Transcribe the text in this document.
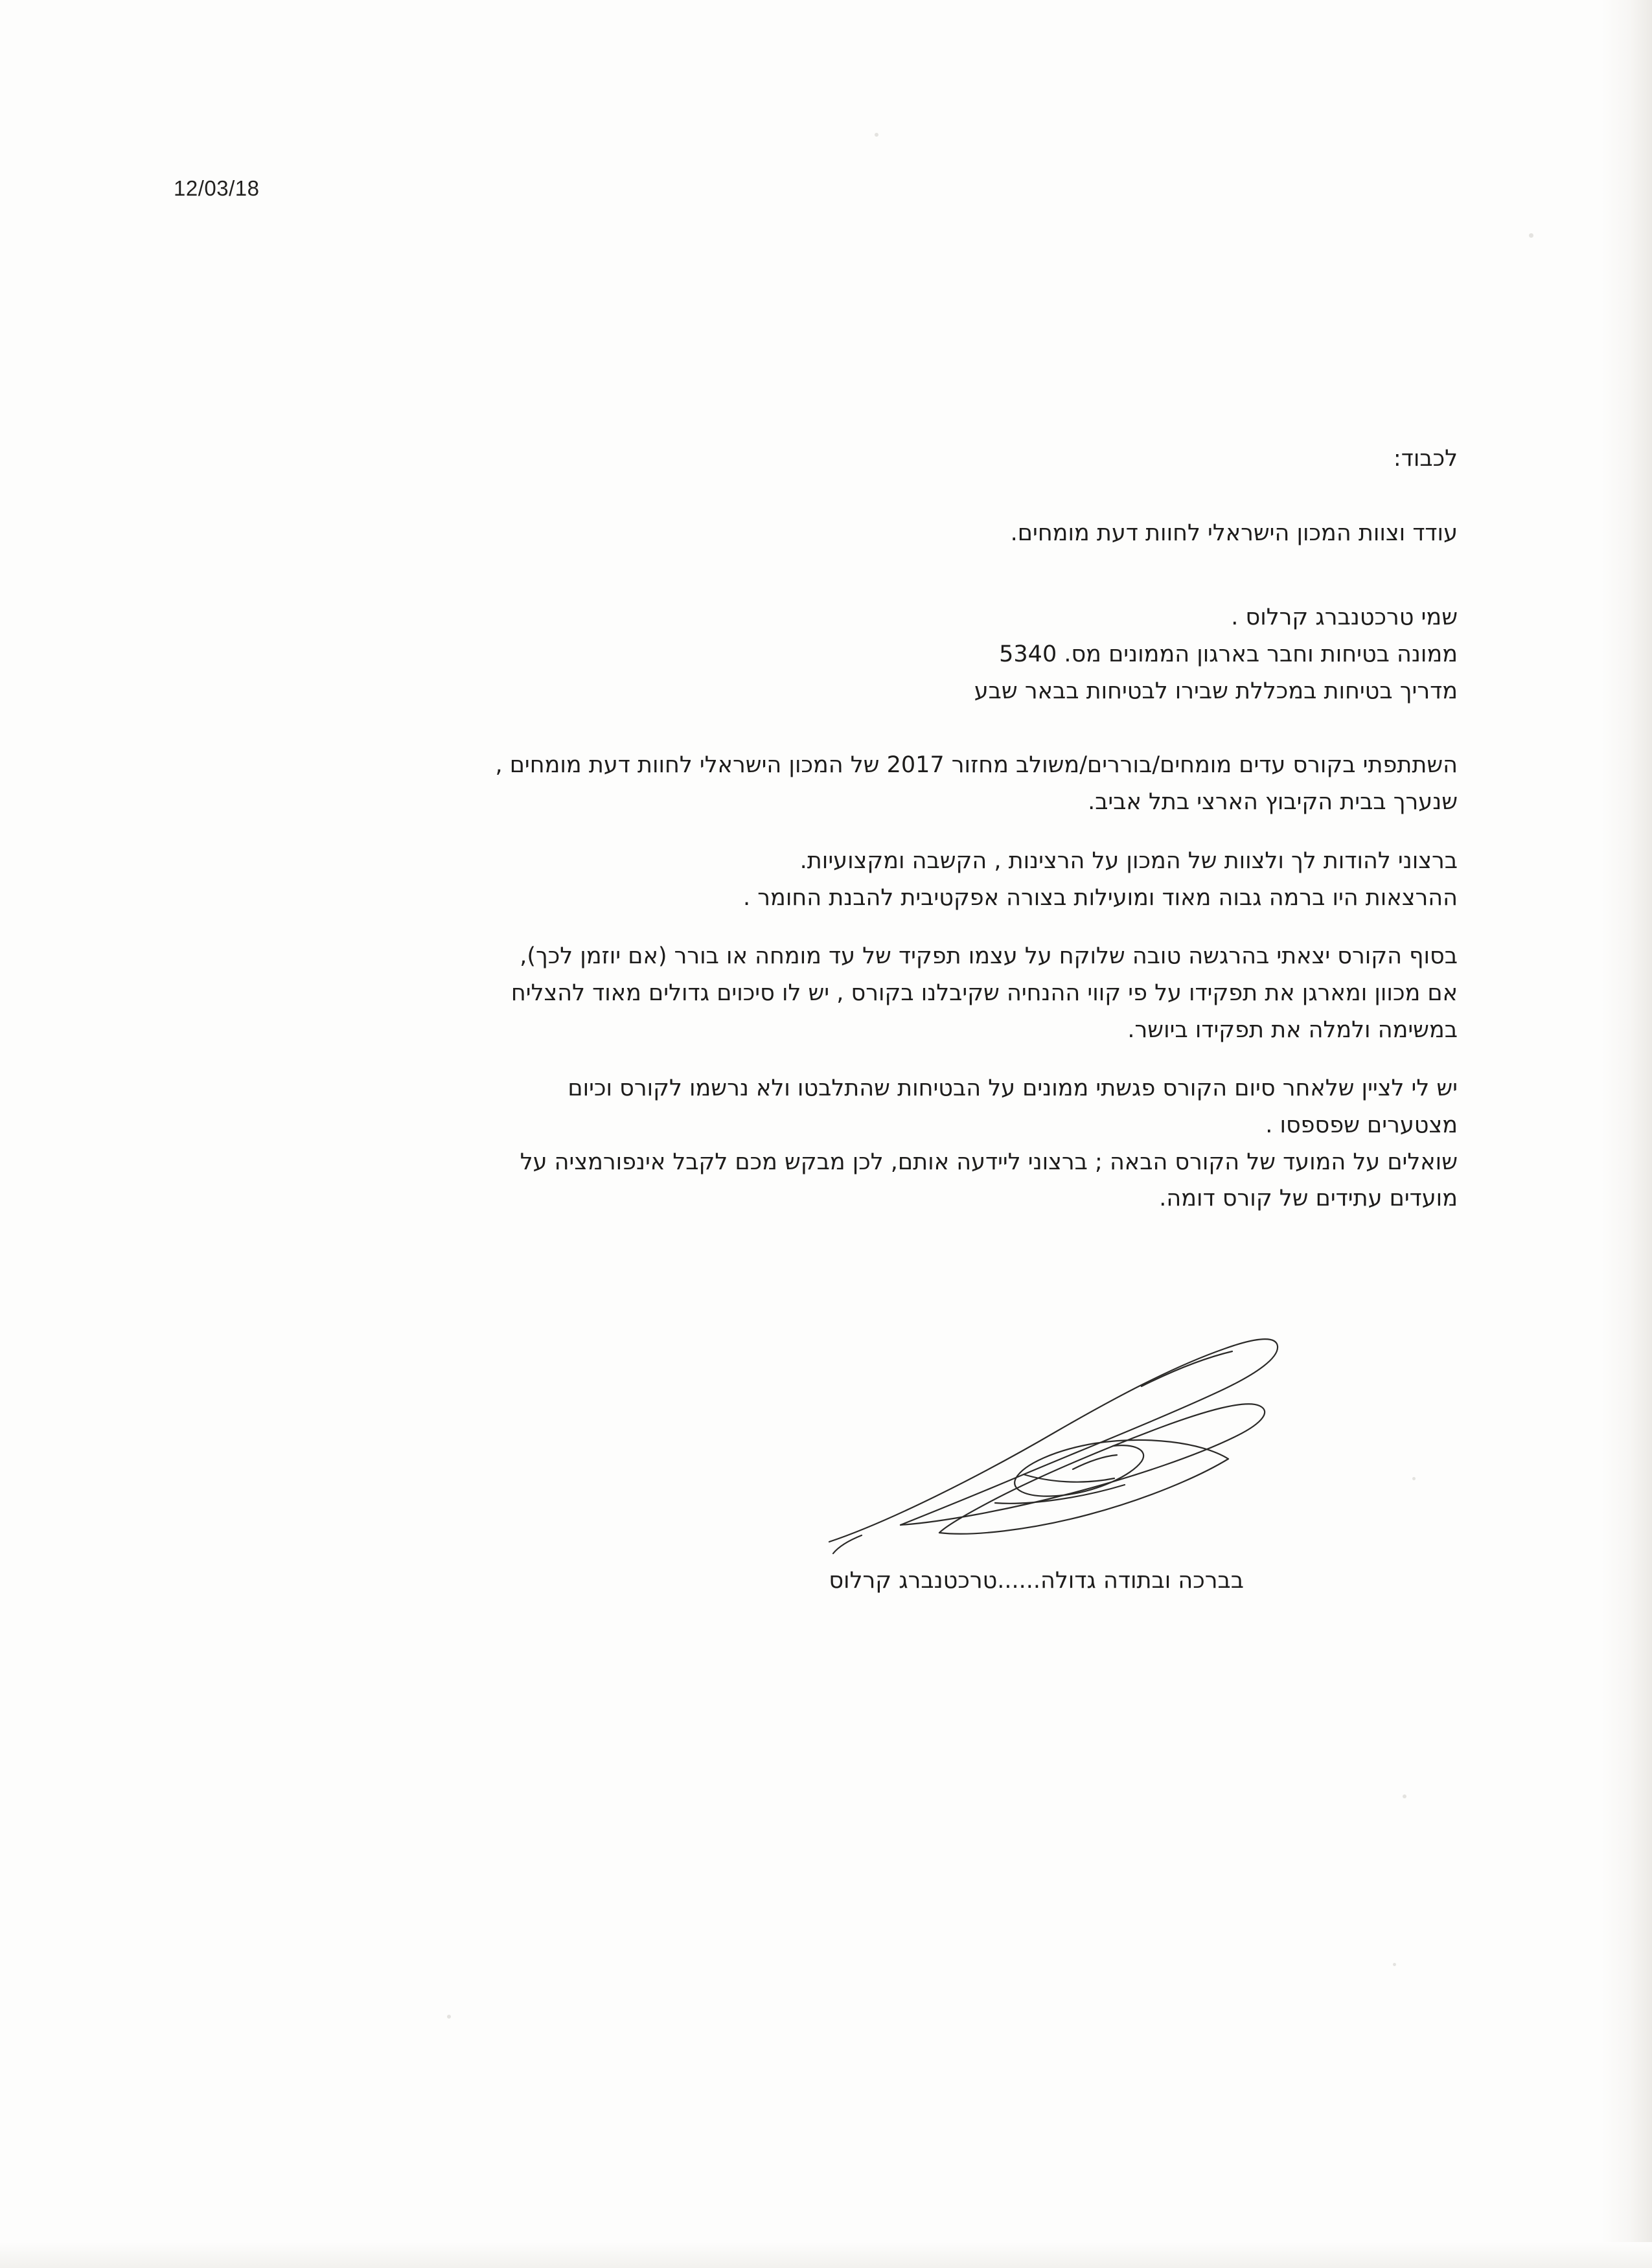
12/03/18
לכבוד:
עודד וצוות המכון הישראלי לחוות דעת מומחים.
שמי טרכטנברג קרלוס .
ממונה בטיחות וחבר בארגון הממונים מס. 5340
מדריך בטיחות במכללת שבירו לבטיחות בבאר שבע
השתתפתי בקורס עדים מומחים/בוררים/משולב מחזור 2017 של המכון הישראלי לחוות דעת מומחים ,
שנערך בבית הקיבוץ הארצי בתל אביב.
ברצוני להודות לך ולצוות של המכון על הרצינות , הקשבה ומקצועיות.
ההרצאות היו ברמה גבוה מאוד ומועילות בצורה אפקטיבית להבנת החומר .
בסוף הקורס יצאתי בהרגשה טובה שלוקח על עצמו תפקיד של עד מומחה או בורר (אם יוזמן לכך),
אם מכוון ומארגן את תפקידו על פי קווי ההנחיה שקיבלנו בקורס , יש לו סיכוים גדולים מאוד להצליח
במשימה ולמלה את תפקידו ביושר.
יש לי לציין שלאחר סיום הקורס פגשתי ממונים על הבטיחות שהתלבטו ולא נרשמו לקורס וכיום
מצטערים שפספסו .
שואלים על המועד של הקורס הבאה ; ברצוני ליידעה אותם, לכן מבקש מכם לקבל אינפורמציה על
מועדים עתידים של קורס דומה.
בברכה ובתודה גדולה......טרכטנברג קרלוס
